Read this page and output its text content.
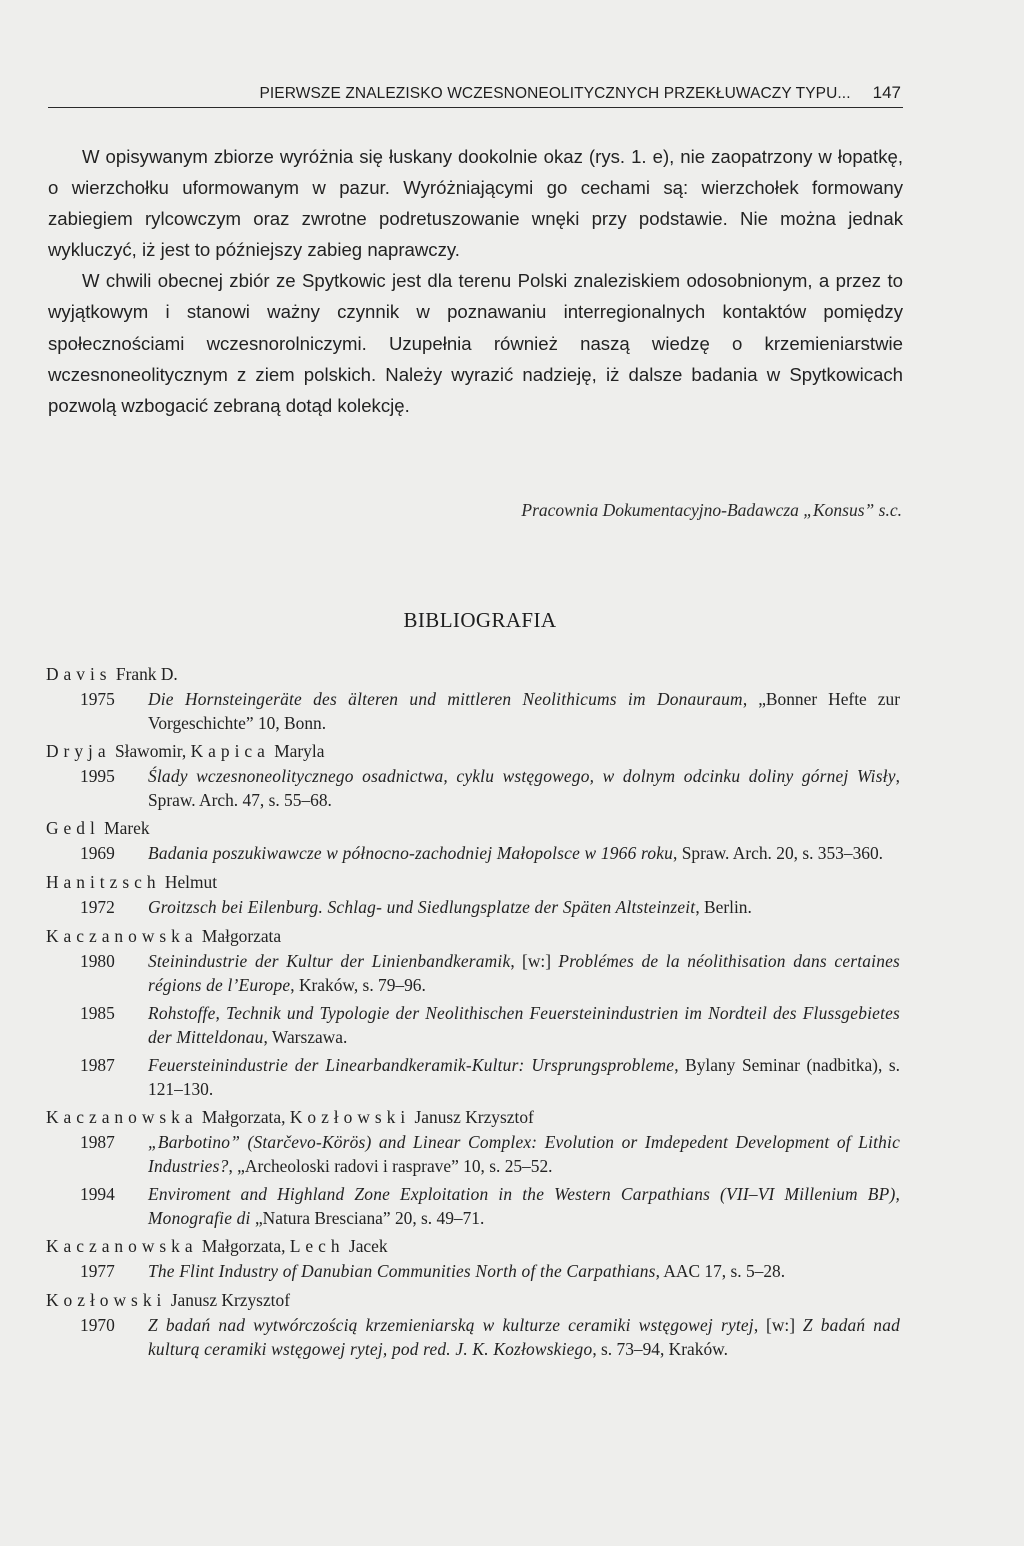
PIERWSZE ZNALEZISKO WCZESNONEOLITYCZNYCH PRZEKŁUWACZY TYPU... 147

W opisywanym zbiorze wyróżnia się łuskany dookolnie okaz (rys. 1. e), nie zaopatrzony w łopatkę, o wierzchołku uformowanym w pazur. Wyróżniającymi go cechami są: wierzchołek formowany zabiegiem rylcowczym oraz zwrotne podretuszowanie wnęki przy podstawie. Nie można jednak wykluczyć, iż jest to późniejszy zabieg naprawczy.

W chwili obecnej zbiór ze Spytkowic jest dla terenu Polski znaleziskiem odosobnionym, a przez to wyjątkowym i stanowi ważny czynnik w poznawaniu interregionalnych kontaktów pomiędzy społecznościami wczesnorolniczymi. Uzupełnia również naszą wiedzę o krzemieniarstwie wczesnoneolitycznym z ziem polskich. Należy wyrazić nadzieję, iż dalsze badania w Spytkowicach pozwolą wzbogacić zebraną dotąd kolekcję.

Pracownia Dokumentacyjno-Badawcza „Konsus” s.c.
BIBLIOGRAFIA
Davis Frank D.
1975	Die Hornsteingeräte des älteren und mittleren Neolithicums im Donauraum, „Bonner Hefte zur Vorgeschichte” 10, Bonn.
Dryja Sławomir, Kapica Maryla
1995	Ślady wczesnoneolitycznego osadnictwa, cyklu wstęgowego, w dolnym odcinku doliny górnej Wisły, Spraw. Arch. 47, s. 55–68.
Gedl Marek
1969	Badania poszukiwawcze w północno-zachodniej Małopolsce w 1966 roku, Spraw. Arch. 20, s. 353–360.
Hanitzsch Helmut
1972	Groitzsch bei Eilenburg. Schlag- und Siedlungsplatze der Späten Altsteinzeit, Berlin.
Kaczanowska Małgorzata
1980	Steinindustrie der Kultur der Linienbandkeramik, [w:] Problémes de la néolithisation dans certaines régions de l’Europe, Kraków, s. 79–96.
1985	Rohstoffe, Technik und Typologie der Neolithischen Feuersteinindustrien im Nordteil des Flussgebietes der Mitteldonau, Warszawa.
1987	Feuersteinindustrie der Linearbandkeramik-Kultur: Ursprungsprobleme, Bylany Seminar (nadbitka), s. 121–130.
Kaczanowska Małgorzata, Kozłowski Janusz Krzysztof
1987	„Barbotino” (Starčevo-Körös) and Linear Complex: Evolution or Imdepedent Development of Lithic Industries?, „Archeoloski radovi i rasprave” 10, s. 25–52.
1994	Enviroment and Highland Zone Exploitation in the Western Carpathians (VII–VI Millenium BP), Monografie di „Natura Bresciana” 20, s. 49–71.
Kaczanowska Małgorzata, Lech Jacek
1977	The Flint Industry of Danubian Communities North of the Carpathians, AAC 17, s. 5–28.
Kozłowski Janusz Krzysztof
1970	Z badań nad wytwórczością krzemieniarską w kulturze ceramiki wstęgowej rytej, [w:] Z badań nad kulturą ceramiki wstęgowej rytej, pod red. J. K. Kozłowskiego, s. 73–94, Kraków.
